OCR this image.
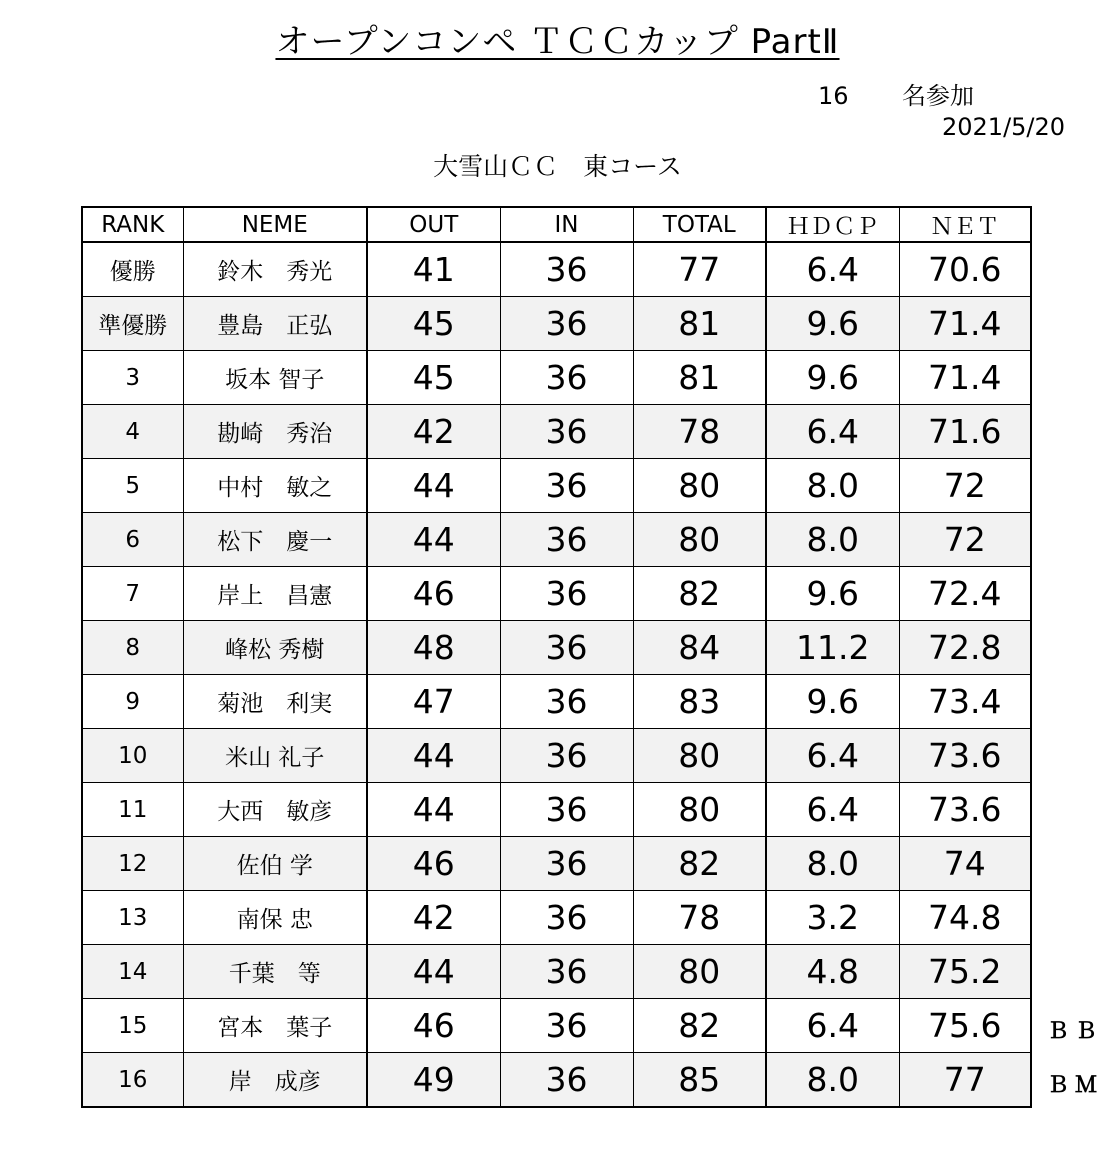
オープンコンペ ＴＣＣカップ PartⅡ
16 名参加
2021/5/20
大雪山ＣＣ　東コース
RANK	NEME	OUT	IN	TOTAL	ＨＤＣＰ	ＮＥＴ
優勝	鈴木　秀光	41	36	77	6.4	70.6
準優勝	豊島　正弘	45	36	81	9.6	71.4
3	坂本 智子	45	36	81	9.6	71.4
4	勘崎　秀治	42	36	78	6.4	71.6
5	中村　敏之	44	36	80	8.0	72
6	松下　慶一	44	36	80	8.0	72
7	岸上　昌憲	46	36	82	9.6	72.4
8	峰松 秀樹	48	36	84	11.2	72.8
9	菊池　利実	47	36	83	9.6	73.4
10	米山 礼子	44	36	80	6.4	73.6
11	大西　敏彦	44	36	80	6.4	73.6
12	佐伯 学	46	36	82	8.0	74
13	南保 忠	42	36	78	3.2	74.8
14	千葉　等	44	36	80	4.8	75.2
15	宮本　葉子	46	36	82	6.4	75.6
16	岸　成彦	49	36	85	8.0	77
ＢＢ
ＢＭ
